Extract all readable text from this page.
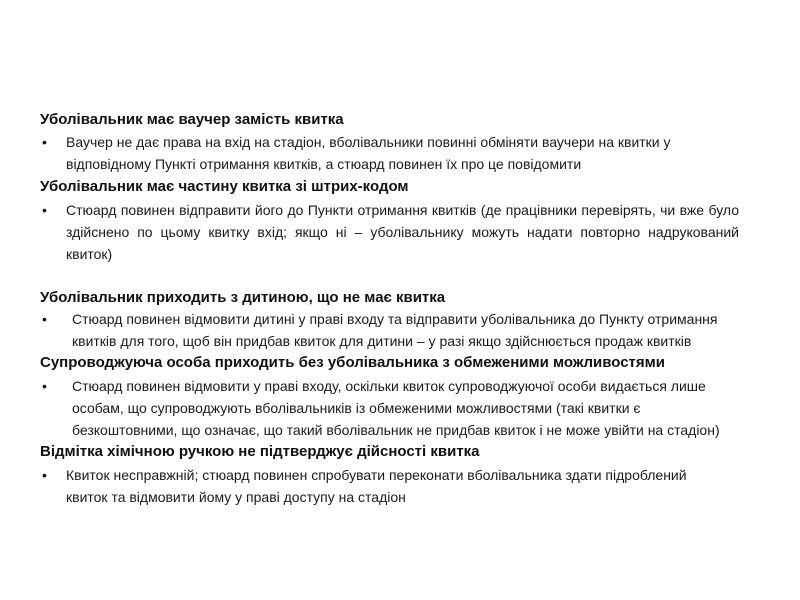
Уболівальник має ваучер замість квитка
• Ваучер не дає права на вхід на стадіон, вболівальники повинні обміняти ваучери на квитки у відповідному Пункті отримання квитків, а стюард повинен їх про це повідомити
Уболівальник має частину квитка зі штрих-кодом
• Стюард повинен відправити його до Пункти отримання квитків (де працівники перевірять, чи вже було здійснено по цьому квитку вхід; якщо ні – уболівальнику можуть надати повторно надрукований квиток)
Уболівальник приходить з дитиною, що не має квитка
• Стюард повинен відмовити дитині у праві входу та відправити уболівальника до Пункту отримання квитків для того, щоб він придбав квиток для дитини – у разі якщо здійснюється продаж квитків
Супроводжуюча особа приходить без уболівальника з обмеженими можливостями
• Стюард повинен відмовити у праві входу, оскільки квиток супроводжуючої особи видається лише особам, що супроводжують вболівальників із обмеженими можливостями (такі квитки є безкоштовними, що означає, що такий вболівальник не придбав квиток і не може увійти на стадіон)
Відмітка хімічною ручкою не підтверджує дійсності квитка
• Квиток несправжній; стюард повинен спробувати переконати вболівальника здати підроблений квиток та відмовити йому у праві доступу на стадіон
